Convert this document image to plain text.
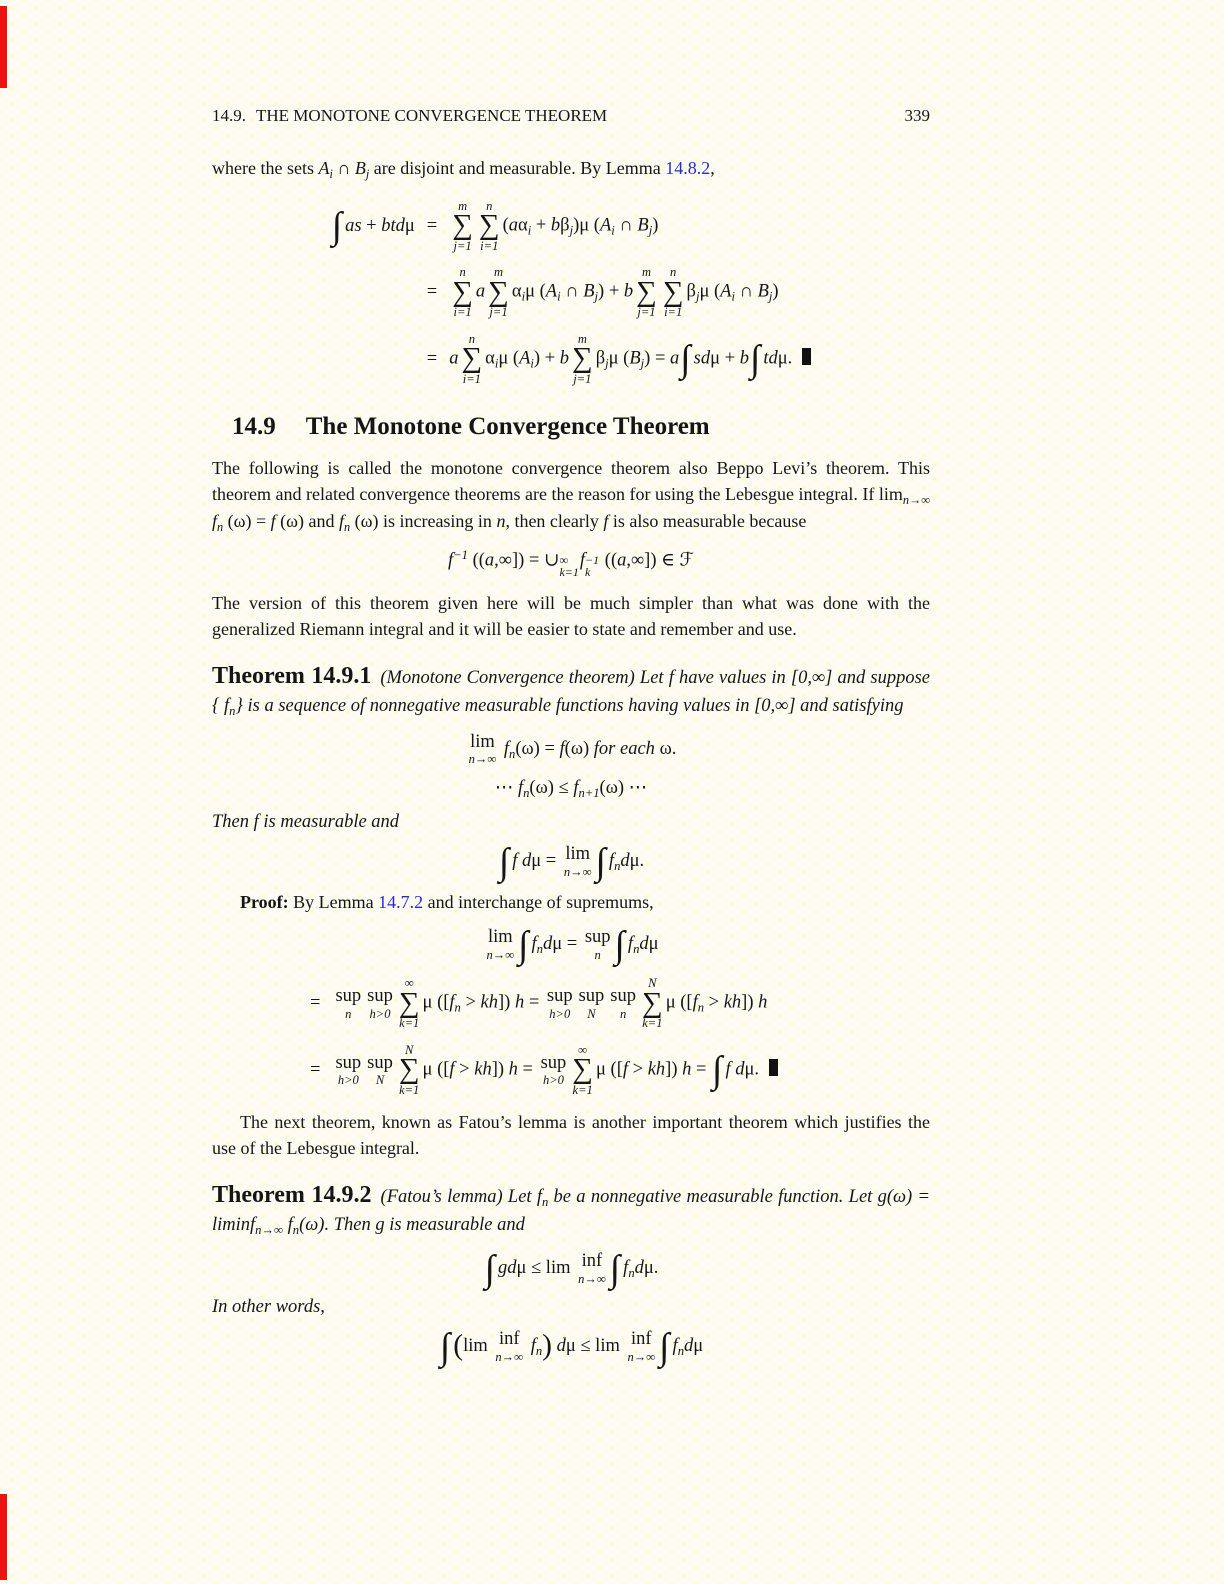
14.9. THE MONOTONE CONVERGENCE THEOREM	339

where the sets $A_i$ ∩ $B_j$ are disjoint and measurable. By Lemma 14.8.2,

∫ as + btdμ =
m
∑
j=1
n
∑
i=1
$(a\alpha_i + b\beta_j)\mu$ ($A_i$ ∩ $B_j$)
=
n
∑
i=1
a
m
∑
j=1
$\alpha_i\mu$ ($A_i$ ∩ $B_j) + b$
m
∑
j=1
n
∑
i=1
$\beta_j\mu$ ($A_i$ ∩ $B_j$)
= a
n
∑
i=1
$\alpha_i\mu$ $(A_i) + b$
m
∑
j=1
$\beta_j\mu$ $(B_j) = a\int$ sdμ + b∫ tdμ.
14.9 The Monotone Convergence Theorem

The following is called the monotone convergence theorem also Beppo Levi’s theorem. This theorem and related convergence theorems are the reason for using the Lebesgue integral. If $\lim_{n\to\infty} f_n$ (ω) = f (ω) and $f_n$ (ω) is increasing in n, then clearly f is also measurable because

$f^{-1}$ ((a,∞]) = ∪ ∞
k=1
f −1
k
((a,∞]) ∈ ℱ

The version of this theorem given here will be much simpler than what was done with the generalized Riemann integral and it will be easier to state and remember and use.

Theorem 14.9.1 (Monotone Convergence theorem) Let f have values in [0,∞] and suppose { $f_n$} is a sequence of nonnegative measurable functions having values in [0,∞] and satisfying

lim
n→∞
$f_n(\omega) = f(\omega)$ for each ω.
⋯ $f_n(\omega) \le f_{n+1}(\omega)$ ⋯

Then f is measurable and

∫ f dμ = lim
n→∞ ∫ $f_nd\mu$.

Proof: By Lemma 14.7.2 and interchange of supremums,

lim
n→∞ ∫ $f_nd\mu$ = sup
n ∫ $f_nd\mu$
= sup
n
sup
h>0
∞
∑
k=1
μ $([f_n > kh]) h$ = sup
h>0
sup
N
sup
n
N
∑
k=1
μ $([f_n > kh])$ h
= sup
h>0
sup
N
N
∑
k=1
μ ([f > kh]) h = sup
h>0
∞
∑
k=1
μ ([f > kh]) h = ∫ f dμ.

The next theorem, known as Fatou’s lemma is another important theorem which justifies the use of the Lebesgue integral.

Theorem 14.9.2 (Fatou’s lemma) Let $f_n$ be a nonnegative measurable function. Let g(ω) = liminf$_{n\to\infty}$ $f_n(\omega)$. Then g is measurable and

∫ gdμ ≤ lim inf
n→∞ ∫ $f_nd\mu$.

In other words,

∫ (lim inf
n→∞
$f_n$) dμ ≤ lim inf
n→∞ ∫ $f_nd\mu$
